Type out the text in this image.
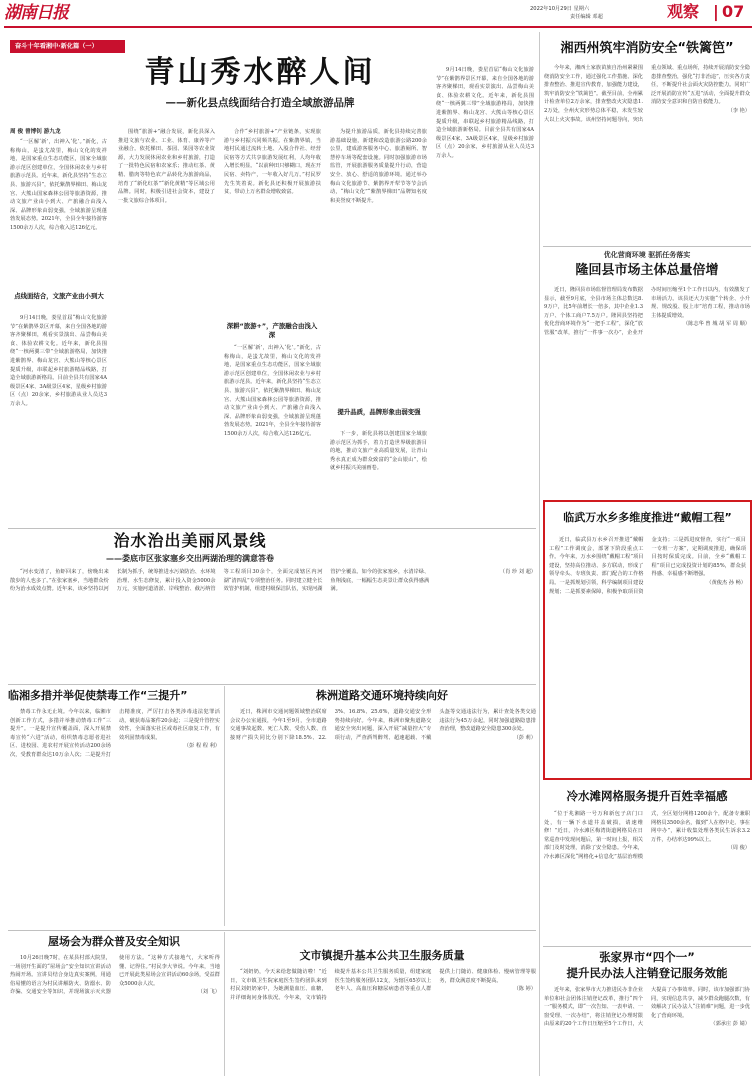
湖南日报	2022年10月29日 星期六
责任编辑 邓超	观察 | 07
奋斗十年看湘中·新化篇（一）
青山秀水醉人间
——新化县点线面结合打造全域旅游品牌
周 俊 曾博钊 游九龙

“一区解‘新’，出神入‘化’。”新化，古称梅山，是蚩尤故里，梅山文化的发祥地，是国家重点生态功能区，国家全域旅游示范区创建单位，全国休闲农业与乡村旅游示范县。近年来，新化县坚持“生态立县、旅游兴县”，依托紫鹊界梯田、梅山龙宫、大熊山国家森林公园等旅游资源，推动文旅产业由小到大、产旅融合由浅入深、品牌形象由弱变强，全域旅游呈现蓬勃发展态势。2021年，全县全年接待游客1500余万人次，综合收入达126亿元。

点线面结合，文旅产业由小到大

9月14日晚，娄星首届“梅山文化旅游节”在紫鹊界景区开幕，来自全国各地的游客齐聚梯田，观看实景演出、品尝梅山美食、体验农耕文化。近年来，新化县围绕“一核两翼三带”全域旅游格局，加快推进紫鹊界、梅山龙宫、大熊山等核心景区提质升级，串联起乡村旅游精品线路，打造全域旅游新格局。目前全县共有国家4A级景区4家、3A级景区4家，星级乡村旅游区（点）20余家，乡村旅游从业人员达3万余人。

围绕“旅游+”融合发展，新化县深入推进文旅与农业、工业、体育、康养等产业融合。依托梯田、茶园、果园等农业资源，大力发展休闲农业和乡村旅游，打造了一批特色民宿和农家乐；推动红茶、黄精、腊肉等特色农产品转化为旅游商品，培育了“新化红茶”“新化黄精”等区域公用品牌。同时，积极引进社会资本，建设了一批文旅综合体项目。

深耕“旅游+”，产旅融合由浅入深

合作“乡村旅游+”产业链条，实现旅游与乡村振兴同频共振。在紫鹊界镇，当地村民通过流转土地、入股合作社、经营民宿等方式共享旅游发展红利，人均年收入增长明显。“以前种田只够糊口，现在开民宿、卖特产，一年收入好几万。”村民罗先生笑着说。新化县还积极开展旅游扶贫，带动上万名群众增收致富。

“一区解‘新’，出神入‘化’。”新化，古称梅山，是蚩尤故里，梅山文化的发祥地，是国家重点生态功能区，国家全域旅游示范区创建单位，全国休闲农业与乡村旅游示范县。近年来，新化县坚持“生态立县、旅游兴县”，依托紫鹊界梯田、梅山龙宫、大熊山国家森林公园等旅游资源，推动文旅产业由小到大、产旅融合由浅入深、品牌形象由弱变强，全域旅游呈现蓬勃发展态势。2021年，全县全年接待游客1500余万人次，综合收入达126亿元。

为提升旅游品质，新化县持续完善旅游基础设施，新建和改造旅游公路200余公里，建成游客服务中心、旅游厕所、智慧停车场等配套设施。同时加强旅游市场监管，开展旅游服务质量提升行动，营造安全、放心、舒适的旅游环境。通过举办梅山文化旅游节、紫鹊界开犁节等节会活动，“梅山文化”“紫鹊界梯田”品牌知名度和美誉度不断提升。

提升品质，品牌形象由弱变强

下一步，新化县将以创建国家全域旅游示范区为抓手，着力打造世界级旅游目的地，推动文旅产业高质量发展，让青山秀水真正成为群众致富的“金山银山”，绘就乡村振兴美丽画卷。

9月14日晚，娄星首届“梅山文化旅游节”在紫鹊界景区开幕，来自全国各地的游客齐聚梯田，观看实景演出、品尝梅山美食、体验农耕文化。近年来，新化县围绕“一核两翼三带”全域旅游格局，加快推进紫鹊界、梅山龙宫、大熊山等核心景区提质升级，串联起乡村旅游精品线路，打造全域旅游新格局。目前全县共有国家4A级景区4家、3A级景区4家，星级乡村旅游区（点）20余家，乡村旅游从业人员达3万余人。

湘西州筑牢消防安全“铁篱笆”

今年来，湘西土家族苗族自治州紧紧围绕消防安全工作，通过强化工作措施、深化排查整治、推进宣传教育，加强能力建设，筑牢消防安全“铁篱笆”。截至目前，全州累计检查单位2万余家，排查整改火灾隐患1.2万处，全州火灾形势总体平稳，未发生较大以上火灾事故。该州坚持问题导向，突出重点领域、重点场所，持续开展消防安全隐患排查整治，强化“打非治违”，压实各方责任，不断提升社会面火灾防控能力。同时广泛开展消防宣传“五进”活动，全面提升群众消防安全意识和自防自救能力。

（李 艳）

优化营商环境 驱抓任务落实
隆回县市场主体总量倍增

近日，隆回县市场监督管理局发布数据显示，截至9月底，全县市场主体总数达8.9万户，比5年前增长一倍多，其中企业1.3万户、个体工商户7.5万户。隆回县坚持把优化营商环境作为“一把手工程”，深化“放管服”改革，推行“一件事一次办”，企业开办时间压缩至1个工作日以内，有效激发了市场活力。该县还大力实施“个转企、小升规、规改股、股上市”培育工程，推动市场主体提质增效。

（陈志华 曾 城 胡 军 周 顺）

临武万水乡多维度推进“戴帽工程”

近日，临武县万水乡召开推进“戴帽工程”工作调度会，部署下阶段重点工作。今年来，万水乡围绕“戴帽工程”项目建设，坚持高位推动、多方联动，形成了领导牵头、专班负责、部门配合的工作格局。一是抓规划引领，科学编制项目建设规划；二是抓要素保障，积极争取项目资金支持；三是抓进度督查，实行“一项目一专班一方案”，定期调度推进，确保项目按时保质完成。目前，全乡“戴帽工程”项目已完成投资计划的85%，群众获得感、幸福感不断增强。

（黄俊杰 孙 畅）

冷水滩网格服务提升百姓幸福感

“位于兆湘路一号万和新包子店门口处，有一辆下水道井盖破损，请速维修！”近日，冷水滩区梅湾街道网格员在日常巡查中发现问题后，第一时间上报，相关部门及时处理，消除了安全隐患。今年来，冷水滩区深化“网格化+信息化”基层治理模式，全区划分网格1200余个，配备专兼职网格员3500余名，做到“人在格中走、事在网中办”，累计收集处理各类民生诉求3.2万件，办结率达99%以上。

（周 俊）

张家界市“四个一”
提升民办法人注销登记服务效能

近年来，张家界市大力推进民办非企业单位和社会团体注销登记改革，推行“四个一”服务模式，即“一次告知、一表申请、一窗受理、一次办结”，将注销登记办理时限由原来的20个工作日压缩至5个工作日，大大提高了办事效率。同时，该市加强部门协同，实现信息共享，减少群众跑腿次数，有效解决了民办法人“注销难”问题，进一步优化了营商环境。

（郭承庄 彭 婧）

治水治出美丽风景线
——娄底市区张家塞乡交出两湖治理的满意答卷

“河水变清了，鱼虾回来了，傍晚出来散步的人也多了。”在张家塞乡，当地群众纷纷为治水成效点赞。近年来，该乡坚持以河长制为抓手，统筹推进水污染防治、水环境治理、水生态修复，累计投入资金5000余万元，实施河道清淤、岸线整治、截污纳管等工程项目30余个，全面完成辖区内河湖“清四乱”专项整治任务。同时建立健全长效管护机制，组建村级保洁队伍，实现河湖管护全覆盖。如今的张家塞乡，水清岸绿、鱼翔浅底，一幅幅生态美景让群众获得感满满。

（肖 珍 刘 超）

临湘多措并举促使禁毒工作“三提升”

禁毒工作永无止境。今年以来，临湘市创新工作方式，多措并举推动禁毒工作“三提升”。一是提升宣传覆盖面，深入开展禁毒宣传“六进”活动，组织禁毒志愿者进社区、进校园、进农村开展宣传活动200余场次，受教育群众达10万余人次；二是提升打击精准度，严厉打击各类涉毒违法犯罪活动，破获毒品案件20余起；三是提升管控实效性，全面落实社区戒毒社区康复工作，有效巩固禁毒成果。

（彭 程 程 利）

株洲道路交通环境持续向好

近日，株洲市交通问题领域整治联席会议办公室通报，今年1至9月，全市道路交通事故起数、死亡人数、受伤人数、直接财产损失同比分别下降18.5%、22.3%、16.8%、25.6%，道路交通安全形势持续向好。今年来，株洲市聚焦道路交通安全突出问题，深入开展“减量控大”专项行动，严查酒驾醉驾、超速超载、不戴头盔等交通违法行为，累计查处各类交通违法行为45万余起，同时加强道路隐患排查治理，整改道路安全隐患300余处。

（彭 莉）

屋场会为群众普及安全知识

10月26日晚7时，在某县村部大院里，一场别开生面的“屋场会”安全知识宣讲活动热闹开场。宣讲员结合身边真实案例，用通俗易懂的语言为村民讲解防火、防溺水、防诈骗、交通安全等知识，并现场演示灭火器使用方法。“这种方式接地气，大家听得懂、记得住。”村民李大爷说。今年来，当地已开展此类屋场会宣讲活动60余场，受益群众5000余人次。

（刘 飞）

文市镇提升基本公共卫生服务质量

“刘奶奶，今天来给您做随访啦！”近日，文市镇卫生院家庭医生签约团队来到村民刘奶奶家中，为她测量血压、血糖，并详细询问身体状况。今年来，文市镇持续提升基本公共卫生服务质量，组建家庭医生签约服务团队12支，为辖区65岁以上老年人、高血压和糖尿病患者等重点人群提供上门随访、健康体检、慢病管理等服务，群众满意度不断提高。

（陈 婷）
